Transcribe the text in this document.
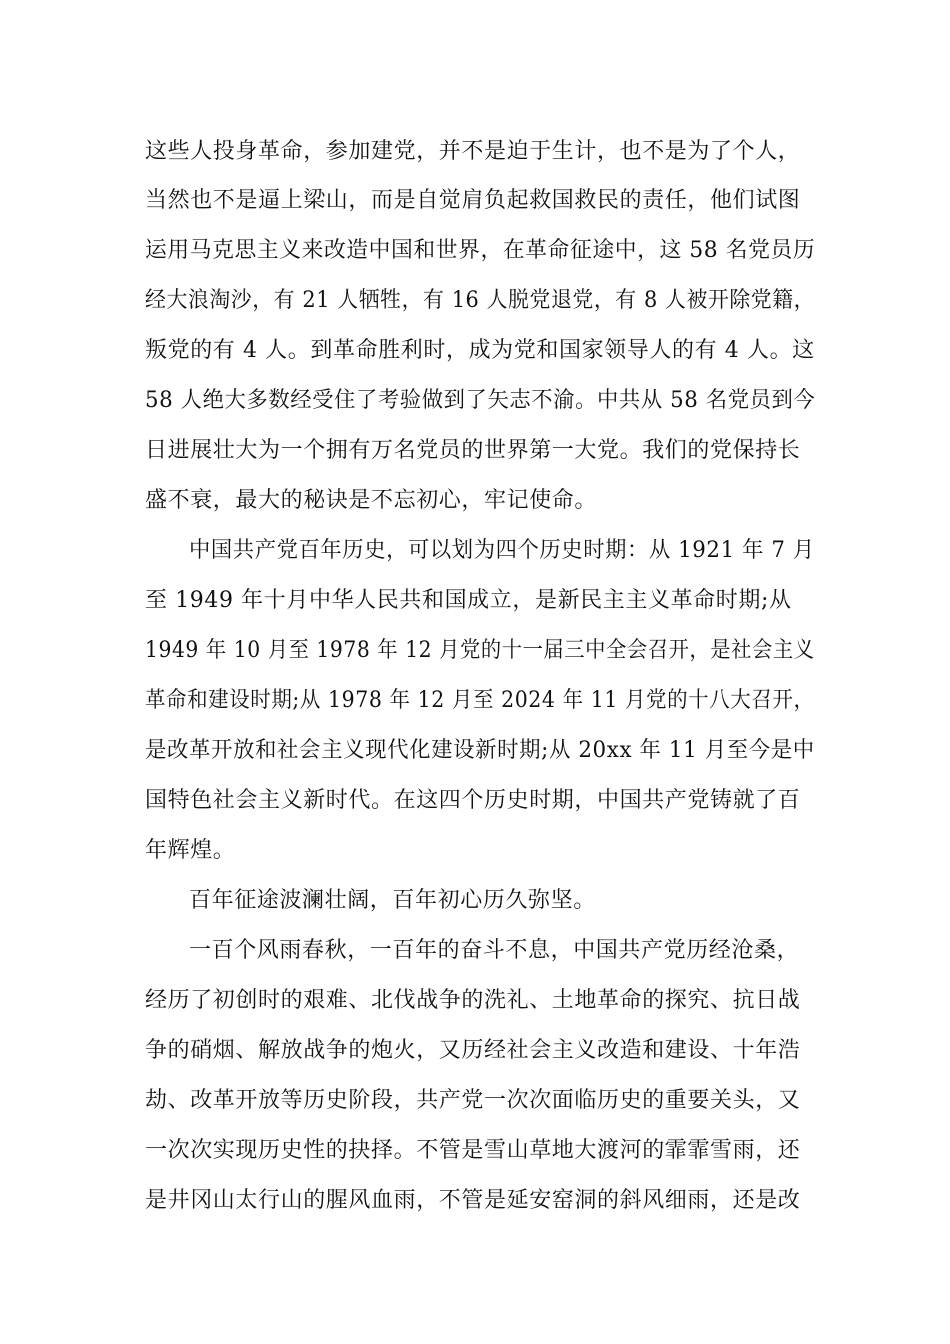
这些人投身革命，参加建党，并不是迫于生计，也不是为了个人，
当然也不是逼上梁山，而是自觉肩负起救国救民的责任，他们试图
运用马克思主义来改造中国和世界，在革命征途中，这 58 名党员历
经大浪淘沙，有 21 人牺牲，有 16 人脱党退党，有 8 人被开除党籍，
叛党的有 4 人。到革命胜利时，成为党和国家领导人的有 4 人。这
58 人绝大多数经受住了考验做到了矢志不渝。中共从 58 名党员到今
日进展壮大为一个拥有万名党员的世界第一大党。我们的党保持长
盛不衰，最大的秘诀是不忘初心，牢记使命。
中国共产党百年历史，可以划为四个历史时期：从 1921 年 7 月
至 1949 年十月中华人民共和国成立，是新民主主义革命时期;从
1949 年 10 月至 1978 年 12 月党的十一届三中全会召开，是社会主义
革命和建设时期;从 1978 年 12 月至 2024 年 11 月党的十八大召开，
是改革开放和社会主义现代化建设新时期;从 20xx 年 11 月至今是中
国特色社会主义新时代。在这四个历史时期，中国共产党铸就了百
年辉煌。
百年征途波澜壮阔，百年初心历久弥坚。
一百个风雨春秋，一百年的奋斗不息，中国共产党历经沧桑，
经历了初创时的艰难、北伐战争的洗礼、土地革命的探究、抗日战
争的硝烟、解放战争的炮火，又历经社会主义改造和建设、十年浩
劫、改革开放等历史阶段，共产党一次次面临历史的重要关头，又
一次次实现历史性的抉择。不管是雪山草地大渡河的霏霏雪雨，还
是井冈山太行山的腥风血雨，不管是延安窑洞的斜风细雨，还是改
